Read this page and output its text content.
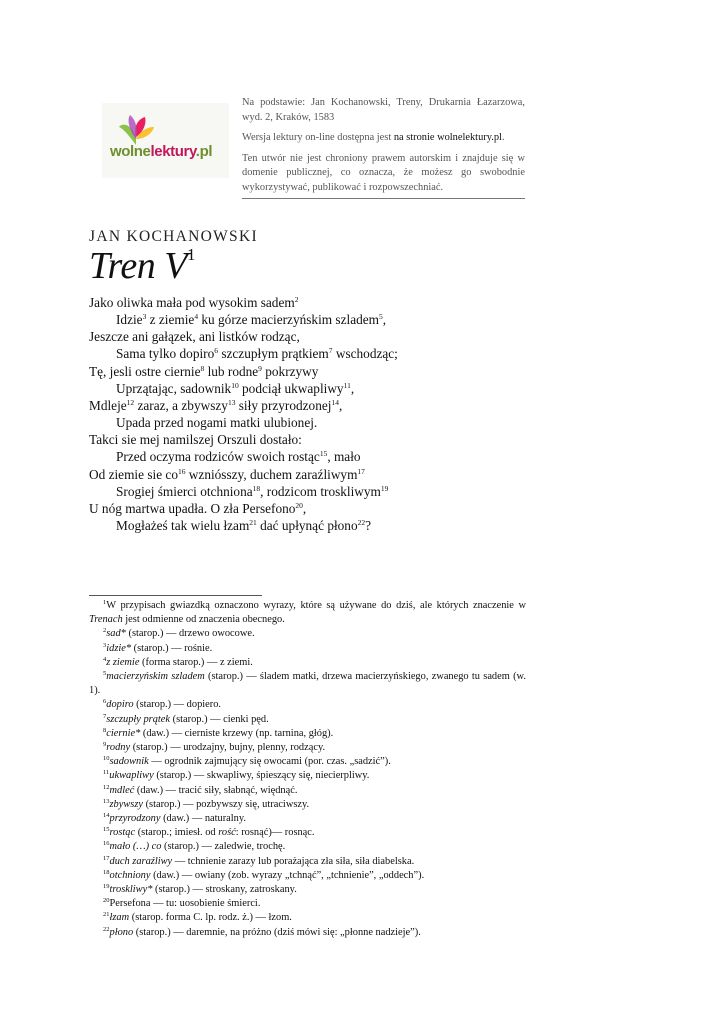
wolnelektury.pl

Na podstawie: Jan Kochanowski, Treny, Drukarnia Łazarzowa, wyd. 2, Kraków, 1583

Wersja lektury on-line dostępna jest na stronie wolnelektury.pl.

Ten utwór nie jest chroniony prawem autorskim i znajduje się w domenie publicznej, co oznacza, że możesz go swobodnie wykorzystywać, publikować i rozpowszechniać.

JAN KOCHANOWSKI
Tren $V^1$
Jako oliwka mała pod wysokim sadem$^2$
Idzie$^3$ z ziemie$^4$ ku górze macierzyńskim szladem$^5$,
Jeszcze ani gałązek, ani listków rodząc,
Sama tylko dopiro$^6$ szczupłym prątkiem$^7$ wschodząc;
Tę, jesli ostre ciernie$^8$ lub rodne$^9$ pokrzywy
Uprzątając, sadownik$^{10}$ podciął ukwapliwy$^{11}$,
Mdleje$^{12}$ zaraz, a zbywszy$^{13}$ siły przyrodzonej$^{14}$,
Upada przed nogami matki ulubionej.
Takci sie mej namilszej Orszuli dostało:
Przed oczyma rodziców swoich rostąc$^{15}$, mało
Od ziemie sie $co^{16}$ wzniósszy, duchem zaraźliwym$^{17}$
Srogiej śmierci otchniona$^{18}$, rodzicom troskliwym$^{19}$
U nóg martwa upadła. O zła Persefono$^{20}$,
Mogłażeś tak wielu łzam$^{21}$ dać upłynąć płono$^{22}$?

$^1$W przypisach gwiazdką oznaczono wyrazy, które są używane do dziś, ale których znaczenie w Trenach jest odmienne od znaczenia obecnego.

$^2$sad* (starop.) — drzewo owocowe.

$^3$idzie* (starop.) — rośnie.

$^4$z ziemie (forma starop.) — z ziemi.

$^5$macierzyńskim szladem (starop.) — śladem matki, drzewa macierzyńskiego, zwanego tu sadem (w. 1).

$^6$dopiro (starop.) — dopiero.

$^7$szczupły prątek (starop.) — cienki pęd.

$^8$ciernie* (daw.) — cierniste krzewy (np. tarnina, głóg).

$^9$rodny (starop.) — urodzajny, bujny, plenny, rodzący.

$^{10}$sadownik — ogrodnik zajmujący się owocami (por. czas. „sadzić”).

$^{11}$ukwapliwy (starop.) — skwapliwy, śpieszący się, niecierpliwy.

$^{12}$mdleć (daw.) — tracić siły, słabnąć, więdnąć.

$^{13}$zbywszy (starop.) — pozbywszy się, utraciwszy.

$^{14}$przyrodzony (daw.) — naturalny.

$^{15}$rostąc (starop.; imiesł. od rość: rosnąć)— rosnąc.

$^{16}$mało (…) co (starop.) — zaledwie, trochę.

$^{17}$duch zaraźliwy — tchnienie zarazy lub porażająca zła siła, siła diabelska.

$^{18}$otchniony (daw.) — owiany (zob. wyrazy „tchnąć”, „tchnienie”, „oddech”).

$^{19}$troskliwy* (starop.) — stroskany, zatroskany.

$^{20}$Persefona — tu: uosobienie śmierci.

$^{21}$łzam (starop. forma C. lp. rodz. ż.) — łzom.

$^{22}$płono (starop.) — daremnie, na próżno (dziś mówi się: „płonne nadzieje”).
